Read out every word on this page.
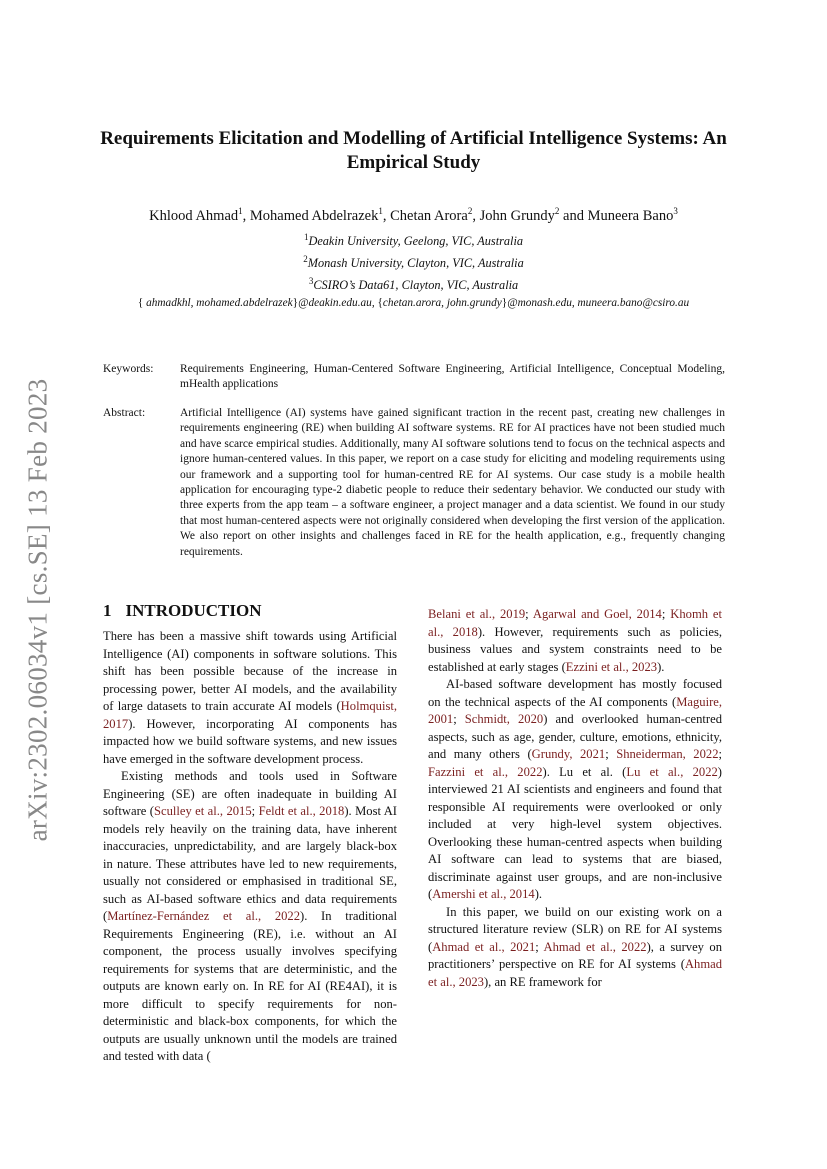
arXiv:2302.06034v1 [cs.SE] 13 Feb 2023
Requirements Elicitation and Modelling of Artificial Intelligence Systems: An Empirical Study
Khlood Ahmad$^1$, Mohamed Abdelrazek$^1$, Chetan Arora$^2$, John Grundy$^2$ and Muneera Bano$^3$
$^1$Deakin University, Geelong, VIC, Australia
$^2$Monash University, Clayton, VIC, Australia
$^3$CSIRO’s Data61, Clayton, VIC, Australia
{ ahmadkhl, mohamed.abdelrazek}@deakin.edu.au, {chetan.arora, john.grundy}@monash.edu, muneera.bano@csiro.au
Keywords: Requirements Engineering, Human-Centered Software Engineering, Artificial Intelligence, Conceptual Modeling, mHealth applications
Abstract:	Artificial Intelligence (AI) systems have gained significant traction in the recent past, creating new challenges in requirements engineering (RE) when building AI software systems. RE for AI practices have not been studied much and have scarce empirical studies. Additionally, many AI software solutions tend to focus on the technical aspects and ignore human-centered values. In this paper, we report on a case study for eliciting and modeling requirements using our framework and a supporting tool for human-centred RE for AI systems. Our case study is a mobile health application for encouraging type-2 diabetic people to reduce their sedentary behavior. We conducted our study with three experts from the app team – a software engineer, a project manager and a data scientist. We found in our study that most human-centered aspects were not originally considered when developing the first version of the application. We also report on other insights and challenges faced in RE for the health application, e.g., frequently changing requirements.
1 INTRODUCTION

There has been a massive shift towards using Artificial Intelligence (AI) components in software solutions. This shift has been possible because of the increase in processing power, better AI models, and the availability of large datasets to train accurate AI models (Holmquist, 2017). However, incorporating AI components has impacted how we build software systems, and new issues have emerged in the software development process.

Existing methods and tools used in Software Engineering (SE) are often inadequate in building AI software (Sculley et al., 2015; Feldt et al., 2018). Most AI models rely heavily on the training data, have inherent inaccuracies, unpredictability, and are largely black-box in nature. These attributes have led to new requirements, usually not considered or emphasised in traditional SE, such as AI-based software ethics and data requirements (Martínez-Fernández et al., 2022). In traditional Requirements Engineering (RE), i.e. without an AI component, the process usually involves specifying requirements for systems that are deterministic, and the outputs are known early on. In RE for AI (RE4AI), it is more difficult to specify requirements for non-deterministic and black-box components, for which the outputs are usually unknown until the models are trained and tested with data (

Belani et al., 2019; Agarwal and Goel, 2014; Khomh et al., 2018). However, requirements such as policies, business values and system constraints need to be established at early stages (Ezzini et al., 2023).

AI-based software development has mostly focused on the technical aspects of the AI components (Maguire, 2001; Schmidt, 2020) and overlooked human-centred aspects, such as age, gender, culture, emotions, ethnicity, and many others (Grundy, 2021; Shneiderman, 2022; Fazzini et al., 2022). Lu et al. (Lu et al., 2022) interviewed 21 AI scientists and engineers and found that responsible AI requirements were overlooked or only included at very high-level system objectives. Overlooking these human-centred aspects when building AI software can lead to systems that are biased, discriminate against user groups, and are non-inclusive (Amershi et al., 2014).

In this paper, we build on our existing work on a structured literature review (SLR) on RE for AI systems (Ahmad et al., 2021; Ahmad et al., 2022), a survey on practitioners’ perspective on RE for AI systems (Ahmad et al., 2023), an RE framework for
